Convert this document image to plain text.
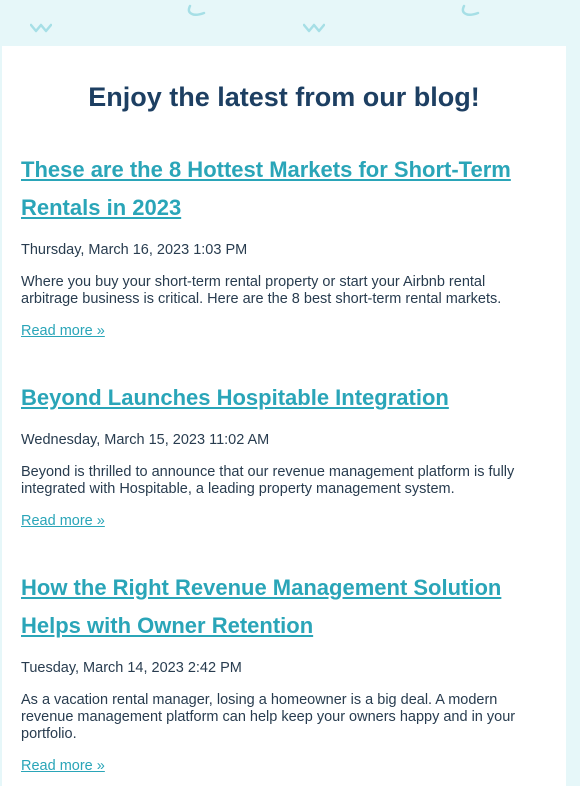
Enjoy the latest from our blog!
These are the 8 Hottest Markets for Short-Term Rentals in 2023

Thursday, March 16, 2023 1:03 PM

Where you buy your short-term rental property or start your Airbnb rental arbitrage business is critical. Here are the 8 best short-term rental markets.

Read more »
Beyond Launches Hospitable Integration

Wednesday, March 15, 2023 11:02 AM

Beyond is thrilled to announce that our revenue management platform is fully integrated with Hospitable, a leading property management system.

Read more »
How the Right Revenue Management Solution Helps with Owner Retention

Tuesday, March 14, 2023 2:42 PM

As a vacation rental manager, losing a homeowner is a big deal. A modern revenue management platform can help keep your owners happy and in your portfolio.

Read more »
